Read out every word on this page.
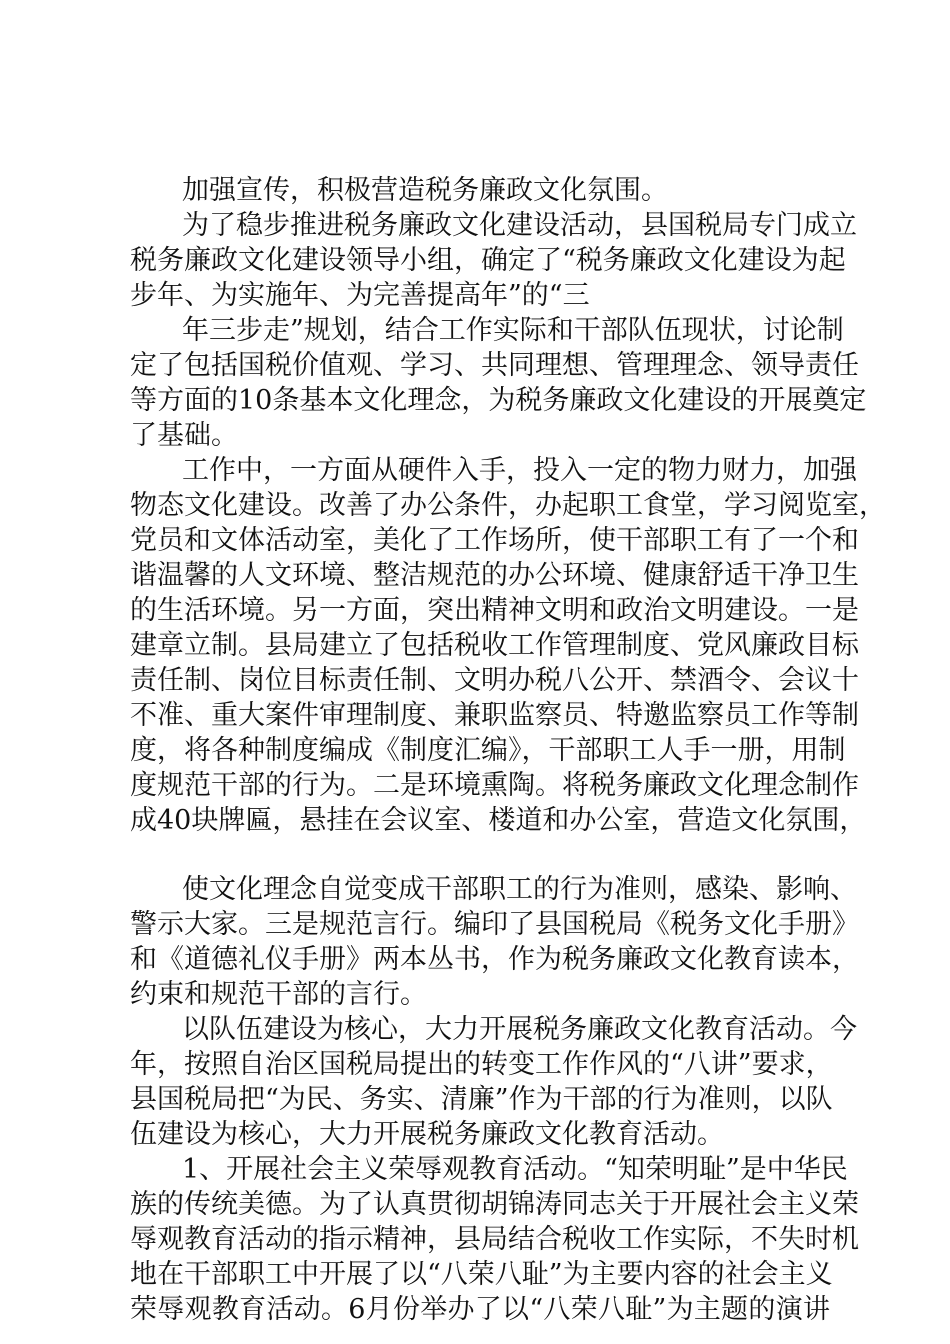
加强宣传，积极营造税务廉政文化氛围。
为了稳步推进税务廉政文化建设活动，县国税局专门成立
税务廉政文化建设领导小组，确定了“税务廉政文化建设为起
步年、为实施年、为完善提高年”的“三
年三步走”规划，结合工作实际和干部队伍现状，讨论制
定了包括国税价值观、学习、共同理想、管理理念、领导责任
等方面的10条基本文化理念，为税务廉政文化建设的开展奠定
了基础。
工作中，一方面从硬件入手，投入一定的物力财力，加强
物态文化建设。改善了办公条件，办起职工食堂，学习阅览室，
党员和文体活动室，美化了工作场所，使干部职工有了一个和
谐温馨的人文环境、整洁规范的办公环境、健康舒适干净卫生
的生活环境。另一方面，突出精神文明和政治文明建设。一是
建章立制。县局建立了包括税收工作管理制度、党风廉政目标
责任制、岗位目标责任制、文明办税八公开、禁酒令、会议十
不准、重大案件审理制度、兼职监察员、特邀监察员工作等制
度，将各种制度编成《制度汇编》，干部职工人手一册，用制
度规范干部的行为。二是环境熏陶。将税务廉政文化理念制作
成40块牌匾，悬挂在会议室、楼道和办公室，营造文化氛围，
使文化理念自觉变成干部职工的行为准则，感染、影响、
警示大家。三是规范言行。编印了县国税局《税务文化手册》
和《道德礼仪手册》两本丛书，作为税务廉政文化教育读本，
约束和规范干部的言行。
以队伍建设为核心，大力开展税务廉政文化教育活动。今
年，按照自治区国税局提出的转变工作作风的“八讲”要求，
县国税局把“为民、务实、清廉”作为干部的行为准则，以队
伍建设为核心，大力开展税务廉政文化教育活动。
1、开展社会主义荣辱观教育活动。“知荣明耻”是中华民
族的传统美德。为了认真贯彻胡锦涛同志关于开展社会主义荣
辱观教育活动的指示精神，县局结合税收工作实际，不失时机
地在干部职工中开展了以“八荣八耻”为主要内容的社会主义
荣辱观教育活动。6月份举办了以“八荣八耻”为主题的演讲
